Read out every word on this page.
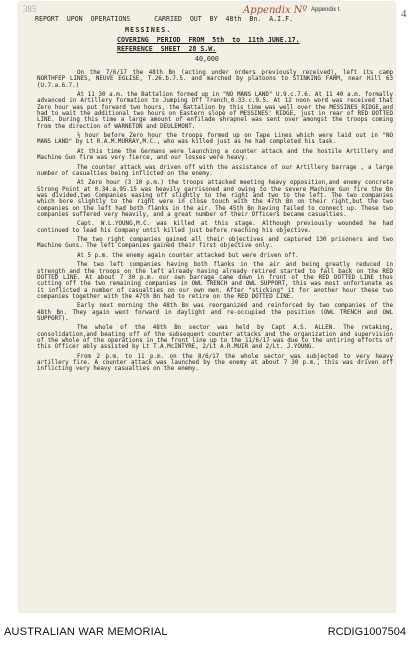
385	Appendix Nº Appendix I.	4
REPORT  UPON  OPERATIONS      CARRIED  OUT  BY  48th  Bn.  A.I.F.
MESSINES.
COVERING  PERIOD  FROM  5th  to  11th JUNE.17.
REFERENCE  SHEET  28 S.W.
40,000

On the 7/6/17 the 48th Bn (acting under orders previously received), left its camp NORTHFEP LINES, NEUVE EGLISE, T.26.b.7.5. and marched by platoons to STINKING FARM, near Hill 63 (U.7.a.6.7.)

At 11 30 a.m. the Battalion formed up in "NO MANS LAND" U.9.c.7.6. At 11 40 a.m. formally advanced in Artillery formation to Jumping Off Trench,0.33.c.9.5. At 12 noon word was received that Zero hour was put forward two hours, the Battalion by this time was well over the MESSINES RIDGE,and had to wait the additional two hours on Eastern slope of MESSINES' RIDGE, just in rear of RED DOTTED LINE. During this time a large amount of enfilade shrapnel was sent over amongst the troops coming from the direction of WARNETON and DEULEMONT.

½ hour before Zero hour the troops formed up on Tape Lines which were laid out in "NO MANS LAND" by Lt R.A.M.MURRAY,M.C., who was killed just as he had completed his task.

At this time the Germans were launching a counter attack and the hostile Artillery and Machine Gun fire was very fierce, and our losses were heavy.

The counter attack was driven off with the assistance of our Artillery barrage , a large number of casualties being inflicted on the enemy.

At Zero hour (3 10 p.m.) the troops attacked meeting heavy opposition,and enemy concrete Strong Point at 0.34.a.95.15 was heavily garrisoned and owing to the severe Machine Gun fire the Bn was divided,two Companies easing off slightly to the right and two to the left. The two companies which bore slightly to the right were in close touch with the 47th Bn on their right,but the two companies on the left had both flanks in the air. The 45th Bn having failed to connect up. These two companies suffered very heavily, and a great number of their Officers became casualties.

Capt. W.L.YOUNG,M.C. was killed at this stage. Although previously wounded he had continued to lead his Company until killed just before reaching his objective.

The two right companies gained all their objectives and captured 130 prisoners and two Machine Guns. The left Companies gained their first objective only.

At 5 p.m. the enemy again counter attacked but were driven off.

The two left companies having both flanks in the air and being greatly reduced in strength and the troops on the left already having already retired started to fall back on the RED DOTTED LINE. At about 7 30 p.m. our own barrage came down in front of the RED DOTTED LINE thus cutting off the two remaining companies in OWL TRENCH and OWL SUPPORT, this was most unfortunate as it inflicted a number of casualties on our own men. After "sticking" it for another hour these two companies together with the 47th Bn had to retire on the RED DOTTED LINE.

Early next morning the 48th Bn was reorganized and reinforced by two companies of the 48th Bn. They again went forward in daylight and re-occupied the position (OWL TRENCH and OWL SUPPORT).

The whole of the 48th Bn sector was held by Capt A.S. ALLEN. The retaking, consolidation,and beating off of the subsequent counter attacks and the organization and supervision of the whole of the operations in the front line up to the 11/6/17 was due to the untiring efforts of this Officer ably assisted by Lt T.A.McINTYRE, 2/Lt A.R.MUIR and 2/Lt. J.YOUNG.

From 2 p.m. to 11 p.m. on the 8/6/17 the whole sector was subjected to very heavy artillery fire. A counter attack was launched by the enemy at about 7 30 p.m., this was driven off inflicting very heavy casualties on the enemy.

AUSTRALIAN WAR MEMORIAL	RCDIG1007504
